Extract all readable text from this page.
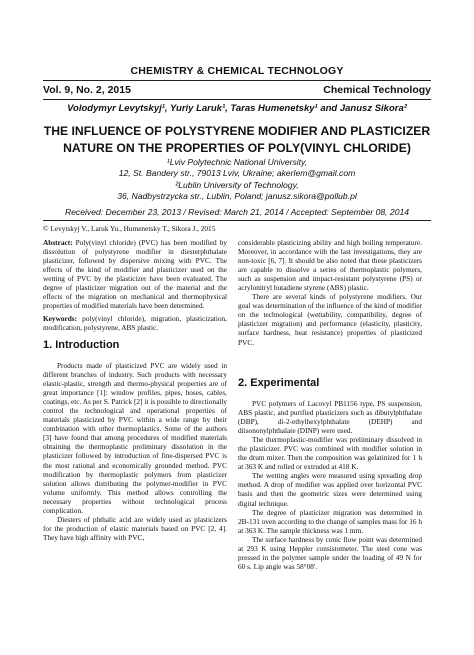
CHEMISTRY & CHEMICAL TECHNOLOGY
Vol. 9, No. 2, 2015	Chemical Technology
Volodymyr Levytskyj¹, Yuriy Laruk¹, Taras Humenetsky¹ and Janusz Sikora²
THE INFLUENCE OF POLYSTYRENE MODIFIER AND PLASTICIZER NATURE ON THE PROPERTIES OF POLY(VINYL CHLORIDE)
¹Lviv Polytechnic National University,
12, St. Bandery str., 79013 Lviv, Ukraine; akerlem@gmail.com
²Lublin University of Technology,
36, Nadbystrzycka str., Lublin, Poland; janusz.sikora@pollub.pl
Received: December 23, 2013 / Revised: March 21, 2014 / Accepted: September 08, 2014
© Levytskyj V., Laruk Yu., Humenetsky T., Sikora J., 2015

Abstract: Poly(vinyl chloride) (PVC) has been modified by dissolution of polystyrene modifier in diesterphthalate plasticizer, followed by dispersive mixing with PVC. The effects of the kind of modifier and plasticizer used on the wetting of PVC by the plasticizer have been evaluated. The degree of plasticizer migration out of the material and the effects of the migration on mechanical and thermophysical properties of modified materials have been determined.

Keywords: poly(vinyl chloride), migration, plasticization, modification, polystyrene, ABS plastic.

1. Introduction

Products made of plasticized PVC are widely used in different branches of industry. Such products with necessary elastic-plastic, strength and thermo-physical properties are of great importance [1]: window profiles, pipes, hoses, cables, coatings, etc. As per S. Patrick [2] it is possible to directionally control the technological and operational properties of materials plasticized by PVC within a wide range by their combination with other thermoplastics. Some of the authors [3] have found that among procedures of modified materials obtaining the thermoplastic preliminary dissolution in the plasticizer followed by introduction of fine-dispersed PVC is the most rational and economically grounded method. PVC modification by thermoplastic polymers from plasticizer solution allows distributing the polymer-modifier in PVC volume uniformly. This method allows controlling the necessary properties without technological process complication.

Diesters of phthalic acid are widely used as plasticizers for the production of elastic materials based on PVC [2, 4]. They have high affinity with PVC,

considerable plasticizing ability and high boiling temperature. Moreover, in accordance with the last investigations, they are non-toxic [6, 7]. It should be also noted that these plasticizers are capable to dissolve a series of thermoplastic polymers, such as suspension and impact-resistant polystyrene (PS) or acrylonitryl butadiene styrene (ABS) plastic.

There are several kinds of polystyrene modifiers. Our goal was determination of the influence of the kind of modifier on the technological (wettability, compatibility, degree of plasticizer migration) and performance (elasticity, plasticity, surface hardness, heat resistance) properties of plasticized PVC.

2. Experimental

PVC polymers of Lacovyl PB1156 type, PS suspension, ABS plastic, and purified plasticizers such as dibutylphthalate (DBP), di-2-ethylhexylphthalate (DEHP) and diisononylphthalate (DINP) were used.

The thermoplastic-modifier was preliminary dissolved in the plasticizer. PVC was combined with modifier solution in the drum mixer. Then the composition was gelatinized for 1 h at 363 K and rolled or extruded at 418 K.

The wetting angles were measured using spreading drop method. A drop of modifier was applied over horizontal PVC basis and then the geometric sizes were determined using digital technique.

The degree of plasticizer migration was determined in 2В-131 oven according to the change of samples mass for 16 h at 363 K. The sample thickness was 1 mm.

The surface hardness by conic flow point was determined at 293 K using Heppler consistometer. The steel cone was pressed in the polymer sample under the loading of 49 N for 60 s. Lip angle was 58°08′.
